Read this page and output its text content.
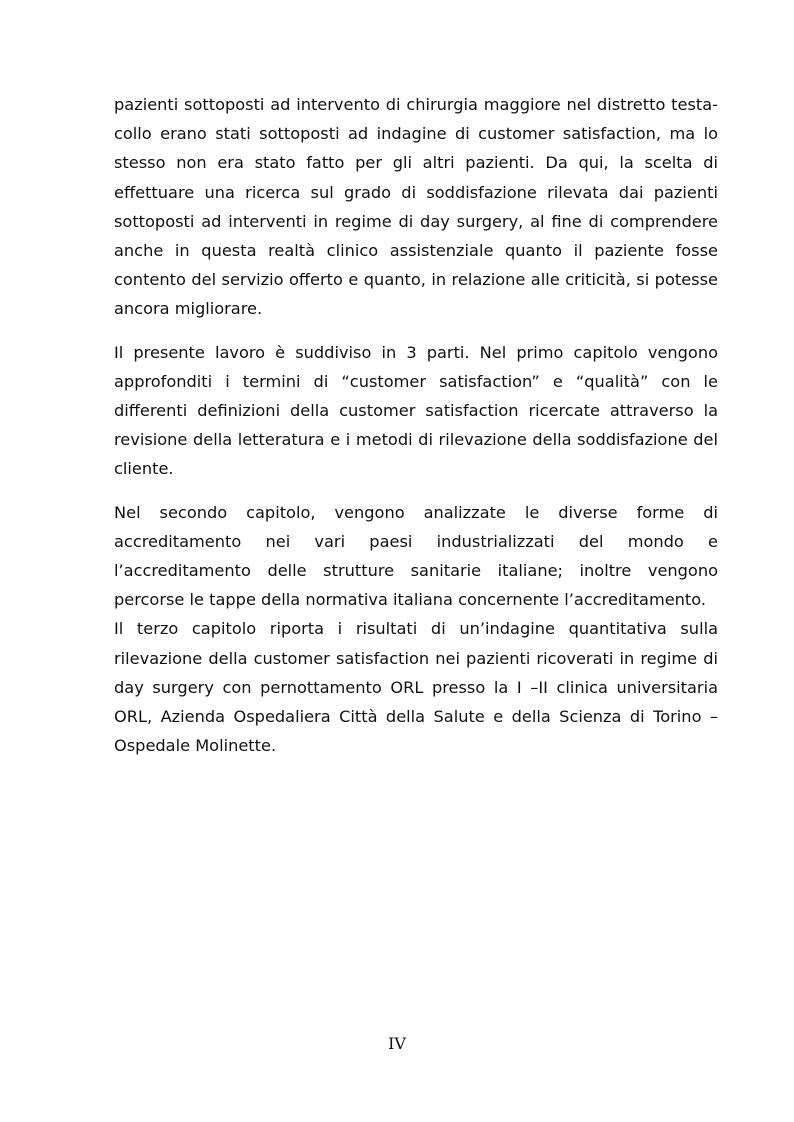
pazienti sottoposti ad intervento di chirurgia maggiore nel distretto testa-collo erano stati sottoposti ad indagine di customer satisfaction, ma lo stesso non era stato fatto per gli altri pazienti. Da qui, la scelta di effettuare una ricerca sul grado di soddisfazione rilevata dai pazienti sottoposti ad interventi in regime di day surgery, al fine di comprendere anche in questa realtà clinico assistenziale quanto il paziente fosse contento del servizio offerto e quanto, in relazione alle criticità, si potesse ancora migliorare.

Il presente lavoro è suddiviso in 3 parti. Nel primo capitolo vengono approfonditi i termini di “customer satisfaction” e “qualità” con le differenti definizioni della customer satisfaction ricercate attraverso la revisione della letteratura e i metodi di rilevazione della soddisfazione del cliente.

Nel secondo capitolo, vengono analizzate le diverse forme di accreditamento nei vari paesi industrializzati del mondo e l’accreditamento delle strutture sanitarie italiane; inoltre vengono percorse le tappe della normativa italiana concernente l’accreditamento.

Il terzo capitolo riporta i risultati di un’indagine quantitativa sulla rilevazione della customer satisfaction nei pazienti ricoverati in regime di day surgery con pernottamento ORL presso la I –II clinica universitaria ORL, Azienda Ospedaliera Città della Salute e della Scienza di Torino – Ospedale Molinette.

IV
